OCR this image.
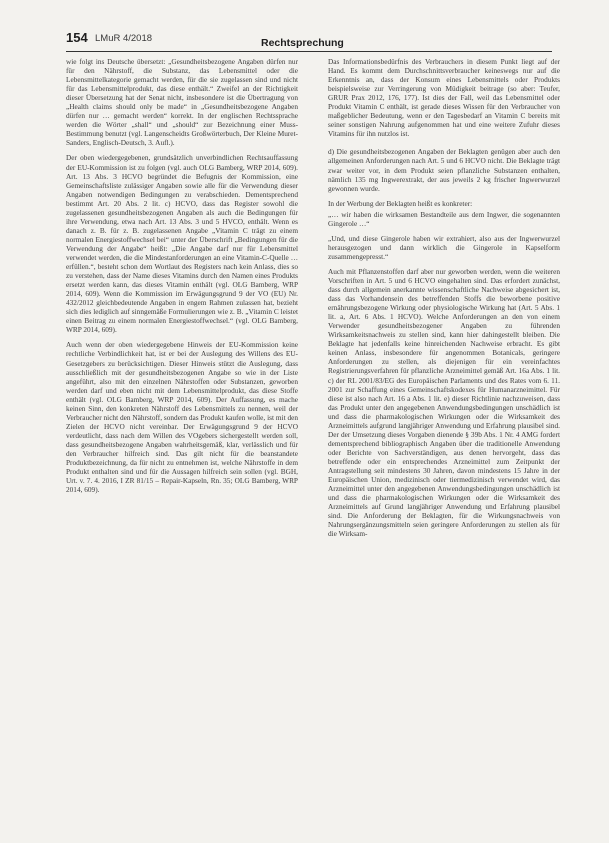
154 LMuR 4/2018	Rechtsprechung

wie folgt ins Deutsche übersetzt: „Gesundheitsbezogene Angaben dürfen nur für den Nährstoff, die Substanz, das Lebensmittel oder die Lebensmittelkategorie gemacht werden, für die sie zugelassen sind und nicht für das Lebensmittelprodukt, das diese enthält.“ Zweifel an der Richtigkeit dieser Übersetzung hat der Senat nicht, insbesondere ist die Übertragung von „Health claims should only be made“ in „Gesundheitsbezogene Angaben dürfen nur … gemacht werden“ korrekt. In der englischen Rechtssprache werden die Wörter „shall“ und „should“ zur Bezeichnung einer Muss-Bestimmung benutzt (vgl. Langenscheidts Großwörterbuch, Der Kleine Muret-Sanders, Englisch-Deutsch, 3. Aufl.).

Der oben wiedergegebenen, grundsätzlich unverbindlichen Rechtsauffassung der EU-Kommission ist zu folgen (vgl. auch OLG Bamberg, WRP 2014, 609). Art. 13 Abs. 3 HCVO begründet die Befugnis der Kommission, eine Gemeinschaftsliste zulässiger Angaben sowie alle für die Verwendung dieser Angaben notwendigen Bedingungen zu verabschieden. Dementsprechend bestimmt Art. 20 Abs. 2 lit. c) HCVO, dass das Register sowohl die zugelassenen gesundheitsbezogenen Angaben als auch die Bedingungen für ihre Verwendung, etwa nach Art. 13 Abs. 3 und 5 HVCO, enthält. Wenn es danach z. B. für z. B. zugelassenen Angabe „Vitamin C trägt zu einem normalen Energiestoffwechsel bei“ unter der Überschrift „Bedingungen für die Verwendung der Angabe“ heißt: „Die Angabe darf nur für Lebensmittel verwendet werden, die die Mindestanforderungen an eine Vitamin-C-Quelle … erfüllen.“, besteht schon dem Wortlaut des Registers nach kein Anlass, dies so zu verstehen, dass der Name dieses Vitamins durch den Namen eines Produkts ersetzt werden kann, das dieses Vitamin enthält (vgl. OLG Bamberg, WRP 2014, 609). Wenn die Kommission im Erwägungsgrund 9 der VO (EU) Nr. 432/2012 gleichbedeutende Angaben in engem Rahmen zulassen hat, bezieht sich dies lediglich auf sinngemäße Formulierungen wie z. B. „Vitamin C leistet einen Beitrag zu einem normalen Energiestoffwechsel.“ (vgl. OLG Bamberg, WRP 2014, 609).

Auch wenn der oben wiedergegebene Hinweis der EU-Kommission keine rechtliche Verbindlichkeit hat, ist er bei der Auslegung des Willens des EU-Gesetzgebers zu berücksichtigen. Dieser Hinweis stützt die Auslegung, dass ausschließlich mit der gesundheitsbezogenen Angabe so wie in der Liste angeführt, also mit den einzelnen Nährstoffen oder Substanzen, geworben werden darf und eben nicht mit dem Lebensmittelprodukt, das diese Stoffe enthält (vgl. OLG Bamberg, WRP 2014, 609). Der Auffassung, es mache keinen Sinn, den konkreten Nährstoff des Lebensmittels zu nennen, weil der Verbraucher nicht den Nährstoff, sondern das Produkt kaufen wolle, ist mit den Zielen der HCVO nicht vereinbar. Der Erwägungsgrund 9 der HCVO verdeutlicht, dass nach dem Willen des VOgebers sichergestellt werden soll, dass gesundheitsbezogene Angaben wahrheitsgemäß, klar, verlässlich und für den Verbraucher hilfreich sind. Das gilt nicht für die beanstandete Produktbezeichnung, da für nicht zu entnehmen ist, welche Nährstoffe in dem Produkt enthalten sind und für die Aussagen hilfreich sein sollen (vgl. BGH, Urt. v. 7. 4. 2016, I ZR 81/15 – Repair-Kapseln, Rn. 35; OLG Bamberg, WRP 2014, 609).

Das Informationsbedürfnis des Verbrauchers in diesem Punkt liegt auf der Hand. Es kommt dem Durchschnittsverbraucher keineswegs nur auf die Erkenntnis an, dass der Konsum eines Lebensmittels oder Produkts beispielsweise zur Verringerung von Müdigkeit beitrage (so aber: Teufer, GRUR Prax 2012, 176, 177). Ist dies der Fall, weil das Lebensmittel oder Produkt Vitamin C enthält, ist gerade dieses Wissen für den Verbraucher von maßgeblicher Bedeutung, wenn er den Tagesbedarf an Vitamin C bereits mit seiner sonstigen Nahrung aufgenommen hat und eine weitere Zufuhr dieses Vitamins für ihn nutzlos ist.

d) Die gesundheitsbezogenen Angaben der Beklagten genügen aber auch den allgemeinen Anforderungen nach Art. 5 und 6 HCVO nicht. Die Beklagte trägt zwar weiter vor, in dem Produkt seien pflanzliche Substanzen enthalten, nämlich 135 mg Ingwerextrakt, der aus jeweils 2 kg frischer Ingwerwurzel gewonnen wurde.

In der Werbung der Beklagten heißt es konkreter:

„… wir haben die wirksamen Bestandteile aus dem Ingwer, die sogenannten Gingerole …“

„Und, und diese Gingerole haben wir extrahiert, also aus der Ingwerwurzel herausgezogen und dann wirklich die Gingerole in Kapselform zusammengepresst.“

Auch mit Pflanzenstoffen darf aber nur geworben werden, wenn die weiteren Vorschriften in Art. 5 und 6 HCVO eingehalten sind. Das erfordert zunächst, dass durch allgemein anerkannte wissenschaftliche Nachweise abgesichert ist, dass das Vorhandensein des betreffenden Stoffs die beworbene positive ernährungsbezogene Wirkung oder physiologische Wirkung hat (Art. 5 Abs. 1 lit. a, Art. 6 Abs. 1 HCVO). Welche Anforderungen an den von einem Verwender gesundheitsbezogener Angaben zu führenden Wirksamkeitsnachweis zu stellen sind, kann hier dahingestellt bleiben. Die Beklagte hat jedenfalls keine hinreichenden Nachweise erbracht. Es gibt keinen Anlass, insbesondere für angenommen Botanicals, geringere Anforderungen zu stellen, als diejenigen für ein vereinfachtes Registrierungsverfahren für pflanzliche Arzneimittel gemäß Art. 16a Abs. 1 lit. c) der RL 2001/83/EG des Europäischen Parlaments und des Rates vom 6. 11. 2001 zur Schaffung eines Gemeinschaftskodexes für Humanarzneimittel. Für diese ist also nach Art. 16 a Abs. 1 lit. e) dieser Richtlinie nachzuweisen, dass das Produkt unter den angegebenen Anwendungsbedingungen unschädlich ist und dass die pharmakologischen Wirkungen oder die Wirksamkeit des Arzneimittels aufgrund langjähriger Anwendung und Erfahrung plausibel sind. Der der Umsetzung dieses Vorgaben dienende § 39b Abs. 1 Nr. 4 AMG fordert dementsprechend bibliographisch Angaben über die traditionelle Anwendung oder Berichte von Sachverständigen, aus denen hervorgeht, dass das betreffende oder ein entsprechendes Arzneimittel zum Zeitpunkt der Antragstellung seit mindestens 30 Jahren, davon mindestens 15 Jahre in der Europäischen Union, medizinisch oder tiermedizinisch verwendet wird, das Arzneimittel unter den angegebenen Anwendungsbedingungen unschädlich ist und dass die pharmakologischen Wirkungen oder die Wirksamkeit des Arzneimittels auf Grund langjähriger Anwendung und Erfahrung plausibel sind. Die Anforderung der Beklagten, für die Wirkungsnachweis von Nahrungsergänzungsmitteln seien geringere Anforderungen zu stellen als für die Wirksam-
